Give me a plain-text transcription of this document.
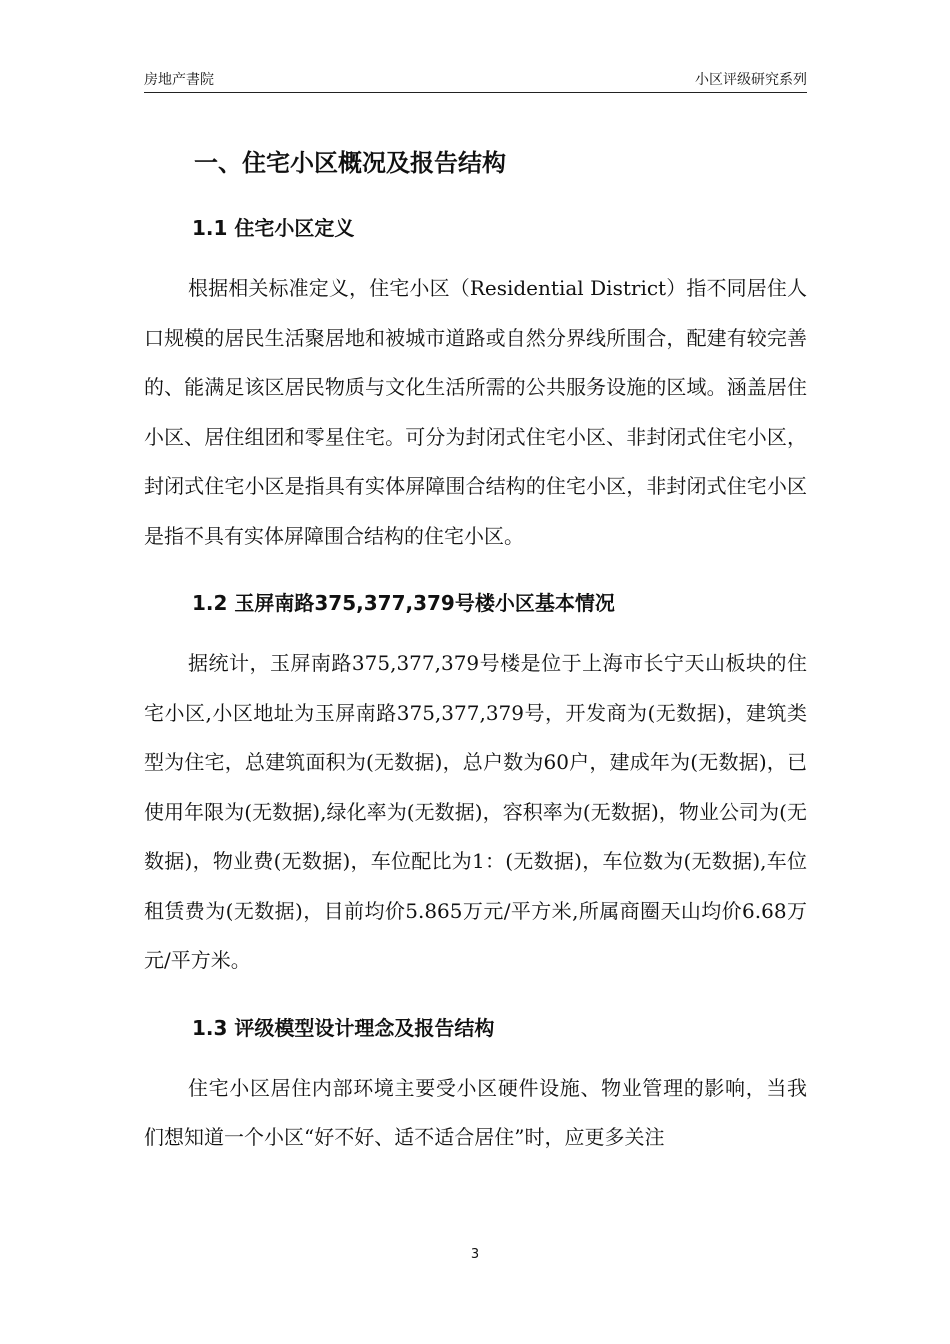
房地产書院	小区评级研究系列
一、住宅小区概况及报告结构
1.1 住宅小区定义

根据相关标准定义，住宅小区（Residential District）指不同居住人口规模的居民生活聚居地和被城市道路或自然分界线所围合，配建有较完善的、能满足该区居民物质与文化生活所需的公共服务设施的区域。涵盖居住小区、居住组团和零星住宅。可分为封闭式住宅小区、非封闭式住宅小区，封闭式住宅小区是指具有实体屏障围合结构的住宅小区，非封闭式住宅小区是指不具有实体屏障围合结构的住宅小区。

1.2 玉屏南路375,377,379号楼小区基本情况

据统计，玉屏南路375,377,379号楼是位于上海市长宁天山板块的住宅小区,小区地址为玉屏南路375,377,379号，开发商为(无数据)，建筑类型为住宅，总建筑面积为(无数据)，总户数为60户，建成年为(无数据)，已使用年限为(无数据),绿化率为(无数据)，容积率为(无数据)，物业公司为(无数据)，物业费(无数据)，车位配比为1：(无数据)，车位数为(无数据),车位租赁费为(无数据)，目前均价5.865万元/平方米,所属商圈天山均价6.68万元/平方米。

1.3 评级模型设计理念及报告结构

住宅小区居住内部环境主要受小区硬件设施、物业管理的影响，当我们想知道一个小区“好不好、适不适合居住”时，应更多关注

3
